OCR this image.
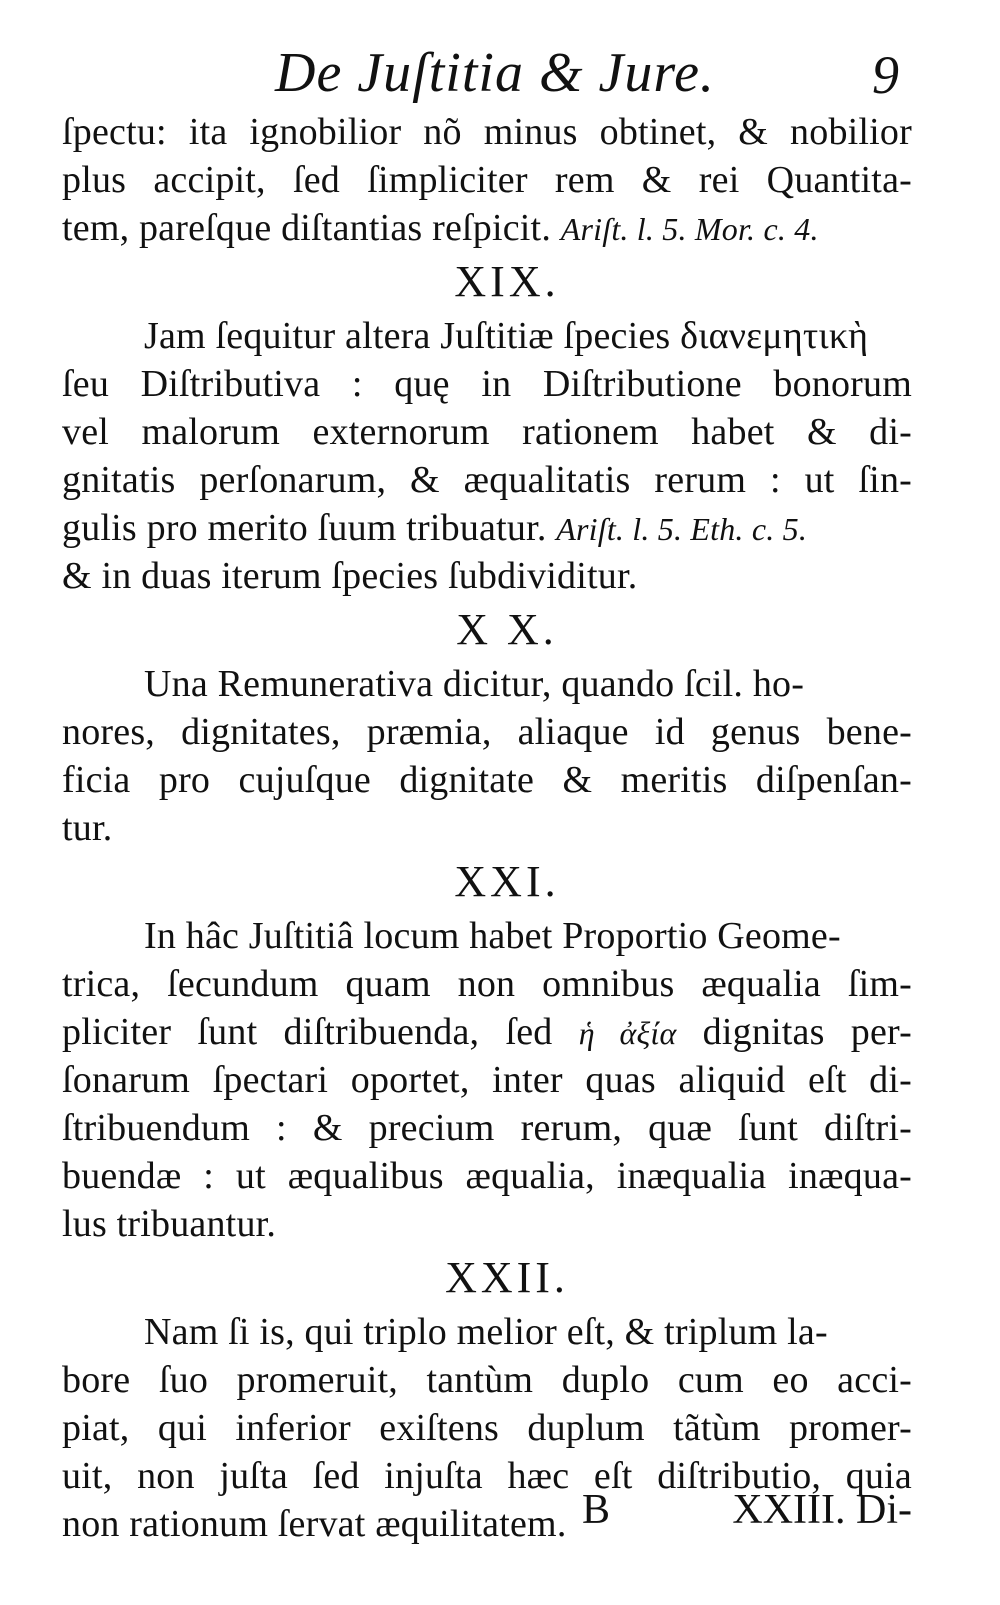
De Juſtitia & Jure.	9
ſpectu: ita ignobilior nõ minus obtinet, & nobilior
plus accipit, ſed ſimpliciter rem & rei Quantita-
tem, pareſque diſtantias reſpicit. Ariſt. l. 5. Mor. c. 4.
XIX.
Jam ſequitur altera Juſtitiæ ſpecies διανεμητικὴ
ſeu Diſtributiva : quę in Diſtributione bonorum
vel malorum externorum rationem habet & di-
gnitatis perſonarum, & æqualitatis rerum : ut ſin-
gulis pro merito ſuum tribuatur. Ariſt. l. 5. Eth. c. 5.
& in duas iterum ſpecies ſubdividitur.
X X.
Una Remunerativa dicitur, quando ſcil. ho-
nores, dignitates, præmia, aliaque id genus bene-
ficia pro cujuſque dignitate & meritis diſpenſan-
tur.
XXI.
In hâc Juſtitiâ locum habet Proportio Geome-
trica, ſecundum quam non omnibus æqualia ſim-
pliciter ſunt diſtribuenda, ſed ἡ ἀξία dignitas per-
ſonarum ſpectari oportet, inter quas aliquid eſt di-
ſtribuendum : & precium rerum, quæ ſunt diſtri-
buendæ : ut æqualibus æqualia, inæqualia inæqua-
lus tribuantur.
XXII.
Nam ſi is, qui triplo melior eſt, & triplum la-
bore ſuo promeruit, tantùm duplo cum eo acci-
piat, qui inferior exiſtens duplum tãtùm promer-
uit, non juſta ſed injuſta hæc eſt diſtributio, quia
non rationum ſervat æquilitatem. B	XXIII. Di-
